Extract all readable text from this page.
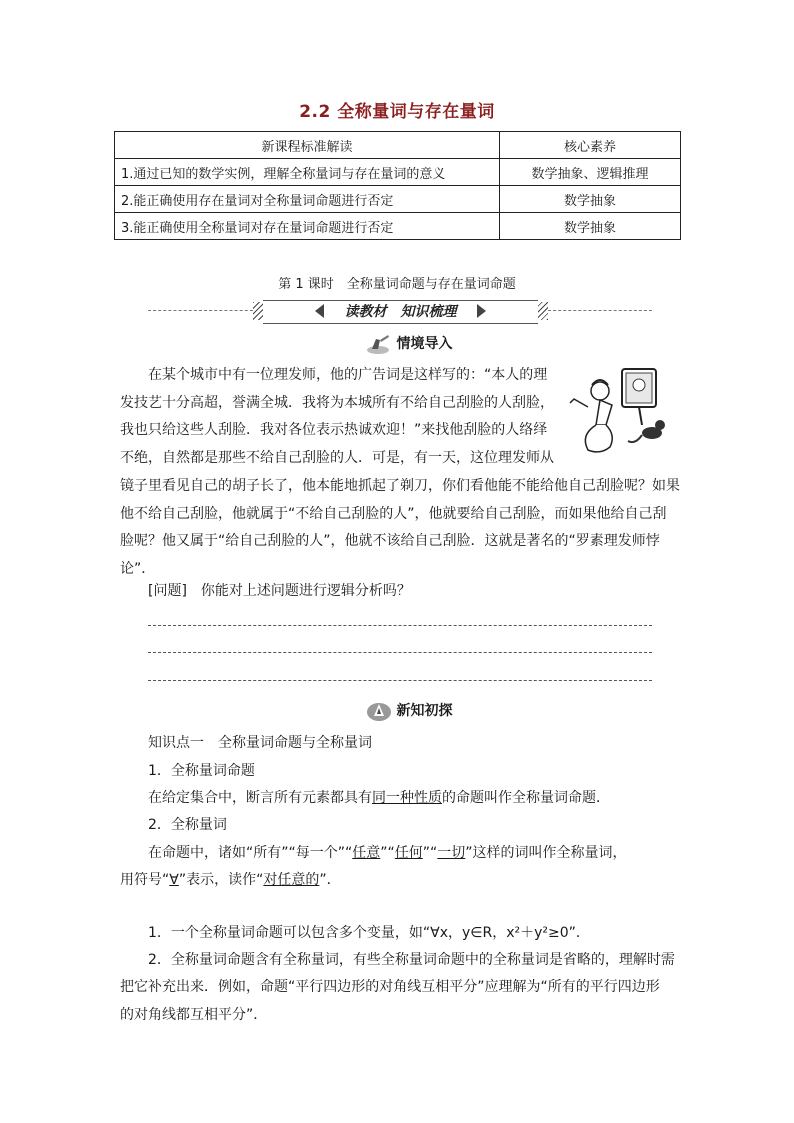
2.2 全称量词与存在量词
新课程标准解读	核心素养
1.通过已知的数学实例，理解全称量词与存在量词的意义	数学抽象、逻辑推理
2.能正确使用存在量词对全称量词命题进行否定	数学抽象
3.能正确使用全称量词对存在量词命题进行否定	数学抽象
第 1 课时　全称量词命题与存在量词命题
读教材　知识梳理
情境导入

在某个城市中有一位理发师，他的广告词是这样写的：“本人的理

发技艺十分高超，誉满全城．我将为本城所有不给自己刮脸的人刮脸，

我也只给这些人刮脸．我对各位表示热诚欢迎！”来找他刮脸的人络绎

不绝，自然都是那些不给自己刮脸的人．可是，有一天，这位理发师从

镜子里看见自己的胡子长了，他本能地抓起了剃刀，你们看他能不能给他自己刮脸呢？如果

他不给自己刮脸，他就属于“不给自己刮脸的人”，他就要给自己刮脸，而如果他给自己刮

脸呢？他又属于“给自己刮脸的人”，他就不该给自己刮脸．这就是著名的“罗素理发师悖

论”．

[问题]　你能对上述问题进行逻辑分析吗？

新知初探

知识点一　全称量词命题与全称量词

1．全称量词命题

在给定集合中，断言所有元素都具有同一种性质的命题叫作全称量词命题．

2．全称量词

在命题中，诸如“所有”“每一个”“任意”“任何”“一切”这样的词叫作全称量词，

用符号“∀”表示，读作“对任意的”．

1．一个全称量词命题可以包含多个变量，如“∀x，y∈R，x²＋y²≥0”．

2．全称量词命题含有全称量词，有些全称量词命题中的全称量词是省略的，理解时需

把它补充出来．例如，命题“平行四边形的对角线互相平分”应理解为“所有的平行四边形

的对角线都互相平分”．
